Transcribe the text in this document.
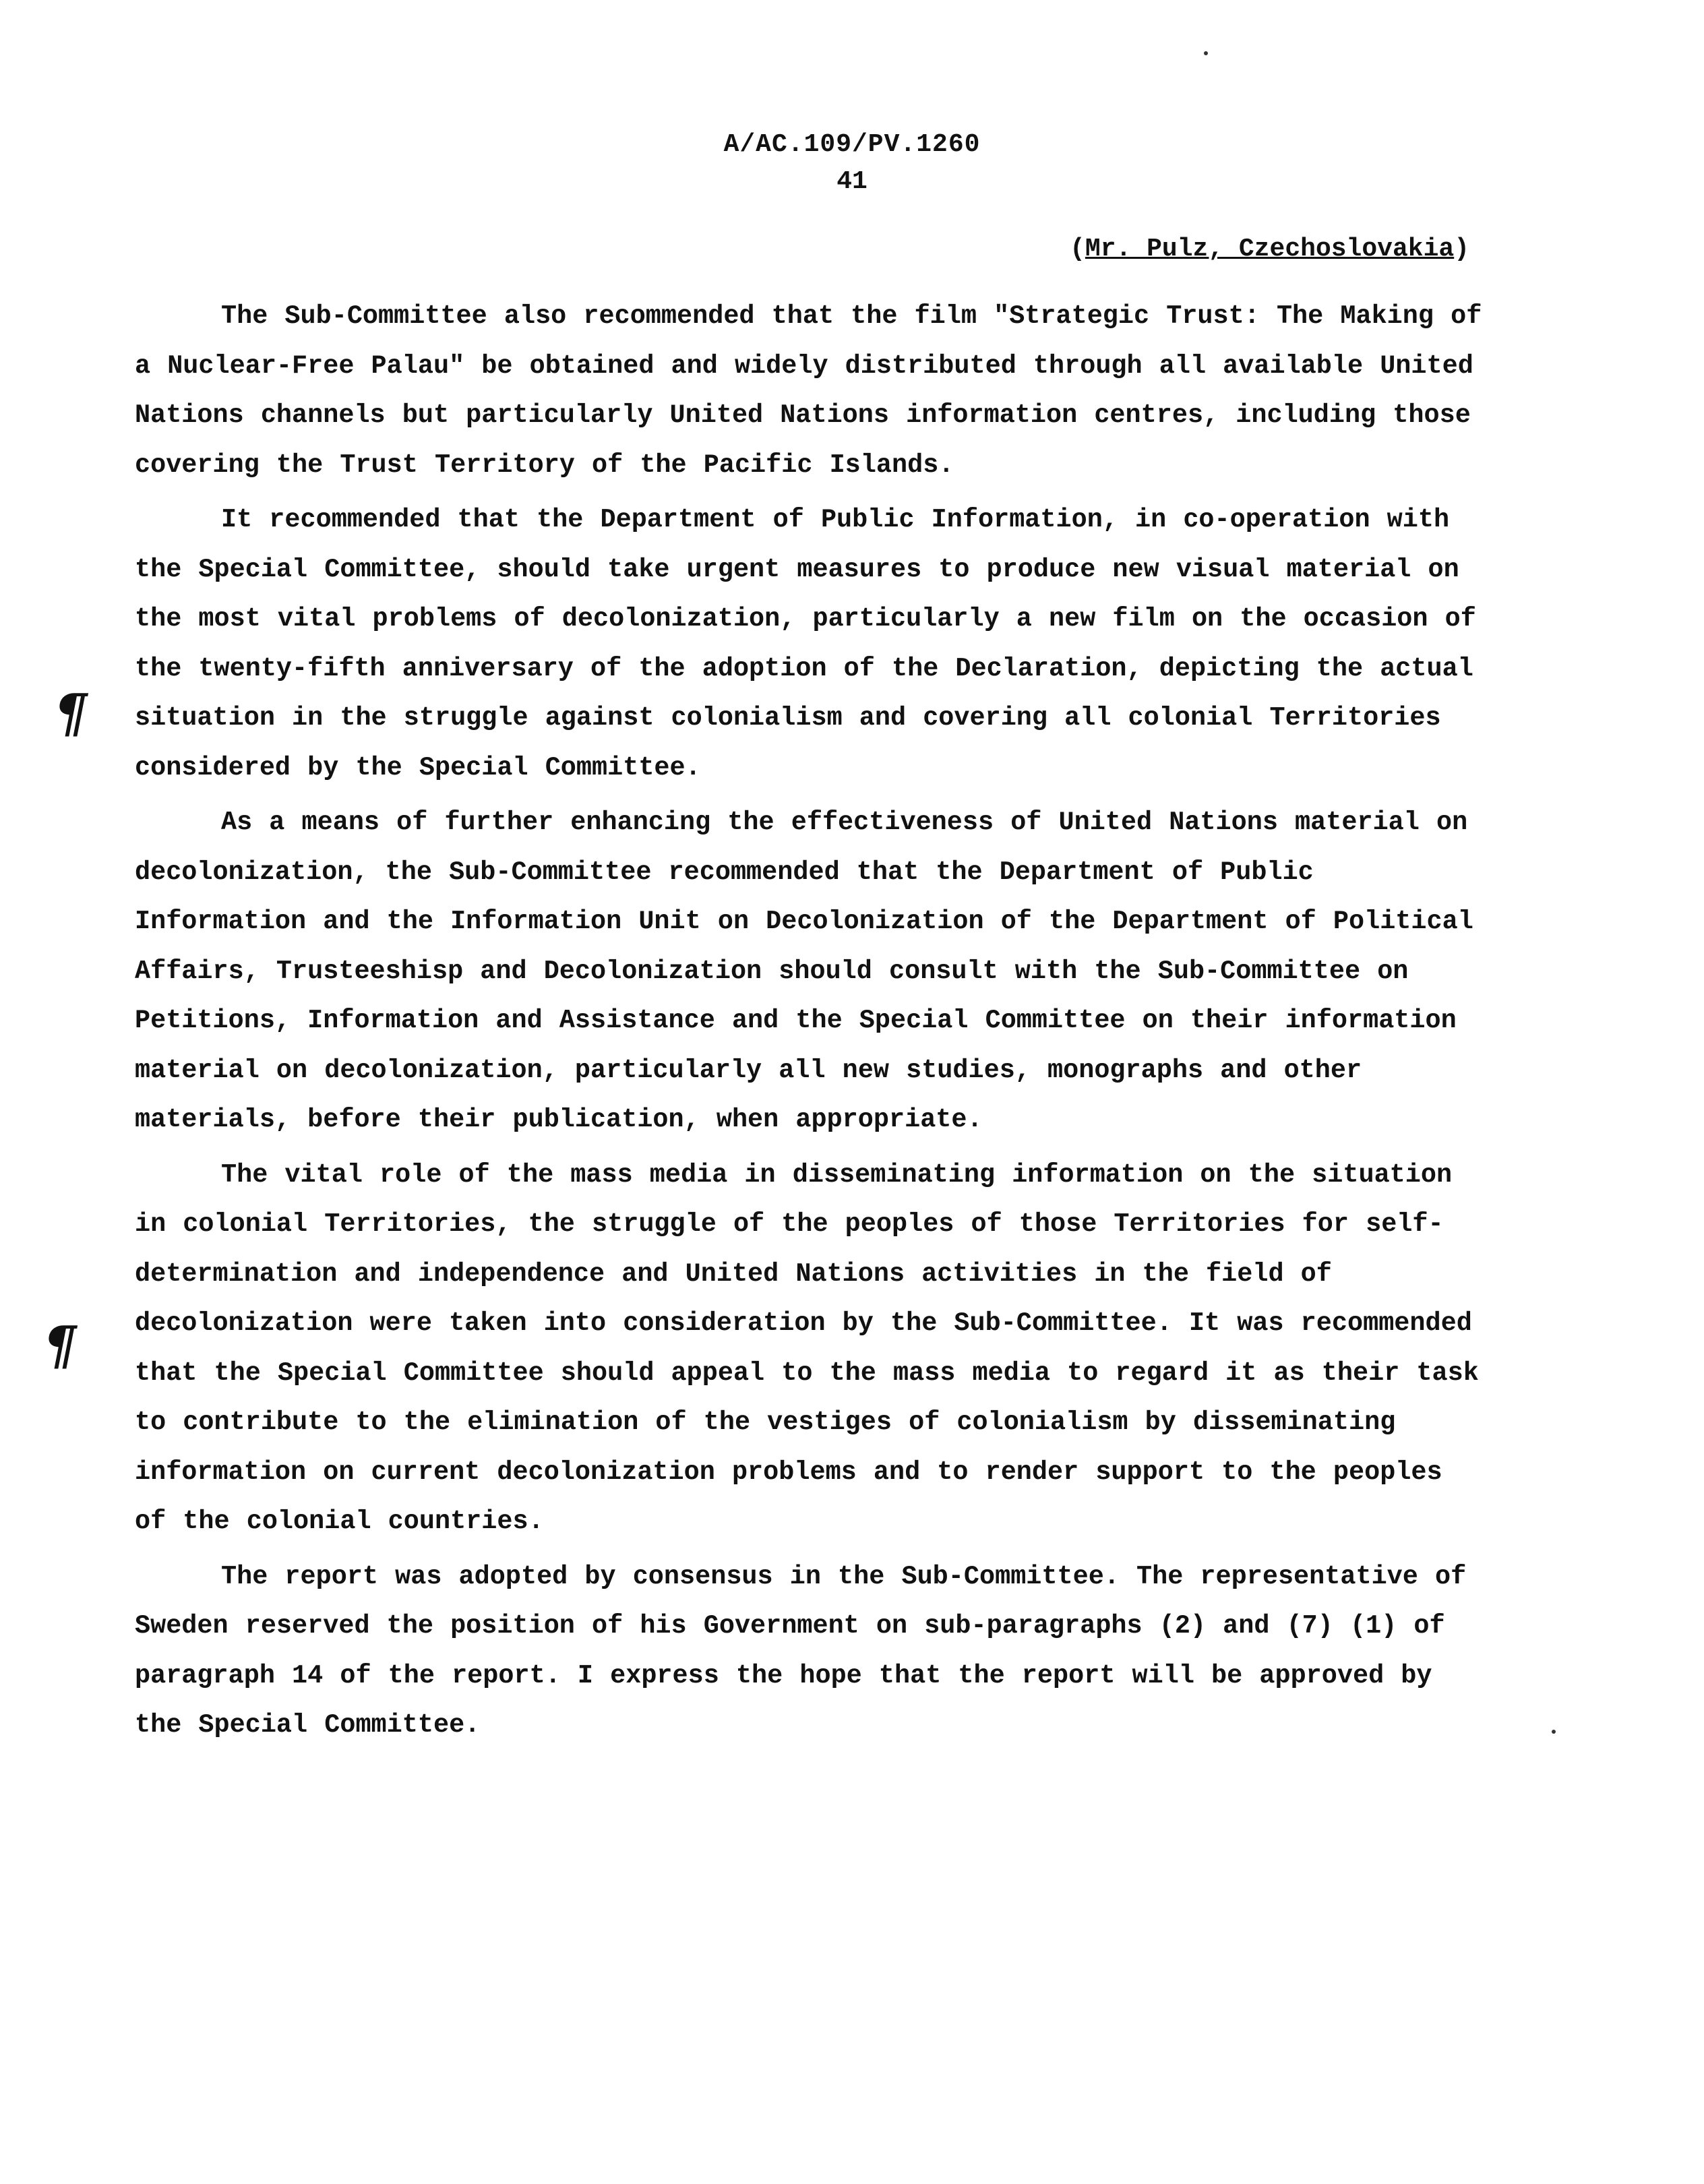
A/AC.109/PV.1260
41
(Mr. Pulz, Czechoslovakia)
¶
¶

The Sub-Committee also recommended that the film "Strategic Trust: The Making of a Nuclear-Free Palau" be obtained and widely distributed through all available United Nations channels but particularly United Nations information centres, including those covering the Trust Territory of the Pacific Islands.

It recommended that the Department of Public Information, in co-operation with the Special Committee, should take urgent measures to produce new visual material on the most vital problems of decolonization, particularly a new film on the occasion of the twenty-fifth anniversary of the adoption of the Declaration, depicting the actual situation in the struggle against colonialism and covering all colonial Territories considered by the Special Committee.

As a means of further enhancing the effectiveness of United Nations material on decolonization, the Sub-Committee recommended that the Department of Public Information and the Information Unit on Decolonization of the Department of Political Affairs, Trusteeshisp and Decolonization should consult with the Sub-Committee on Petitions, Information and Assistance and the Special Committee on their information material on decolonization, particularly all new studies, monographs and other materials, before their publication, when appropriate.

The vital role of the mass media in disseminating information on the situation in colonial Territories, the struggle of the peoples of those Territories for self-determination and independence and United Nations activities in the field of decolonization were taken into consideration by the Sub-Committee. It was recommended that the Special Committee should appeal to the mass media to regard it as their task to contribute to the elimination of the vestiges of colonialism by disseminating information on current decolonization problems and to render support to the peoples of the colonial countries.

The report was adopted by consensus in the Sub-Committee. The representative of Sweden reserved the position of his Government on sub-paragraphs (2) and (7) (1) of paragraph 14 of the report. I express the hope that the report will be approved by the Special Committee.
